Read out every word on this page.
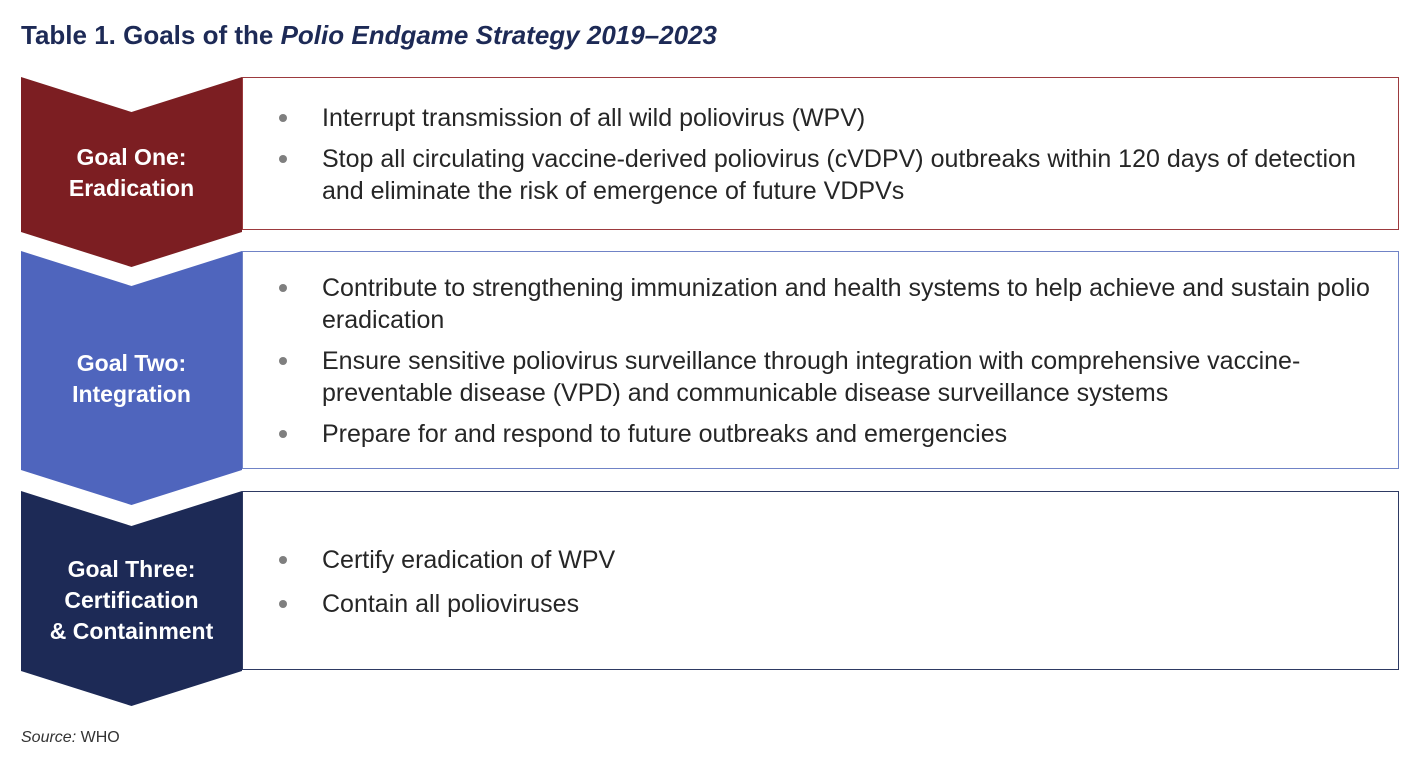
Table 1. Goals of the Polio Endgame Strategy 2019–2023
Goal One:
Eradication
Interrupt transmission of all wild poliovirus (WPV)
Stop all circulating vaccine-derived poliovirus (cVDPV) outbreaks within 120 days of detection and eliminate the risk of emergence of future VDPVs
Goal Two:
Integration
Contribute to strengthening immunization and health systems to help achieve and sustain polio eradication
Ensure sensitive poliovirus surveillance through integration with comprehensive vaccine-preventable disease (VPD) and communicable disease surveillance systems
Prepare for and respond to future outbreaks and emergencies
Goal Three:
Certification
& Containment
Certify eradication of WPV
Contain all polioviruses
Source: WHO
